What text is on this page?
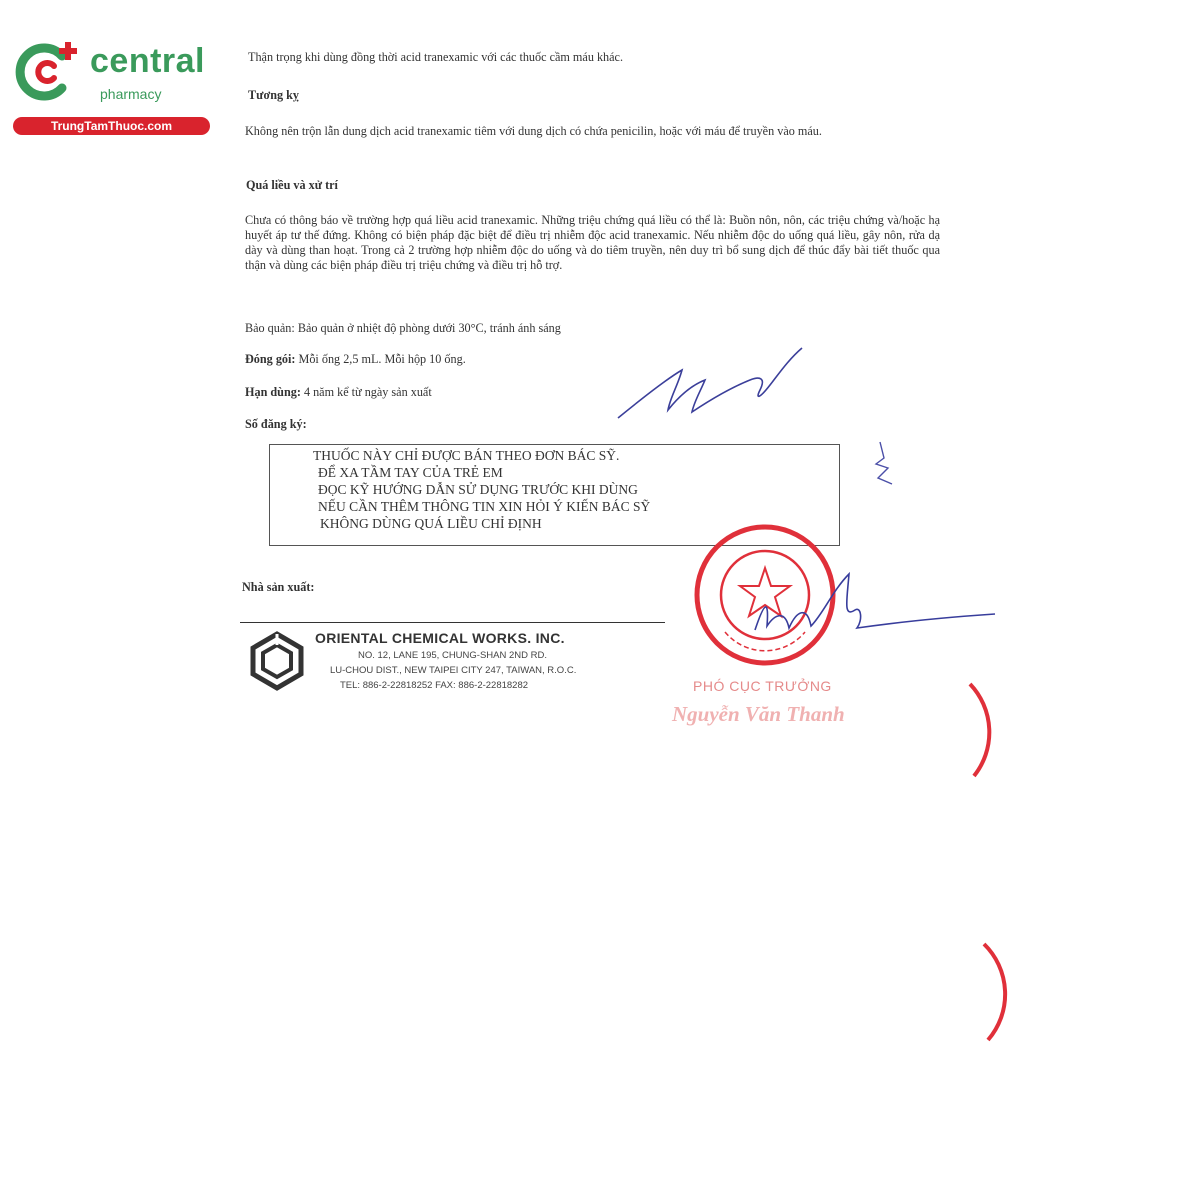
central
pharmacy
TrungTamThuoc.com
Thận trọng khi dùng đồng thời acid tranexamic với các thuốc cầm máu khác.
Tương kỵ
Không nên trộn lẫn dung dịch acid tranexamic tiêm với dung dịch có chứa penicilin, hoặc với máu để truyền vào máu.
Quá liều và xử trí
Chưa có thông báo về trường hợp quá liều acid tranexamic. Những triệu chứng quá liều có thể là: Buồn nôn, nôn, các triệu chứng và/hoặc hạ huyết áp tư thế đứng. Không có biện pháp đặc biệt để điều trị nhiễm độc acid tranexamic. Nếu nhiễm độc do uống quá liều, gây nôn, rửa dạ dày và dùng than hoạt. Trong cả 2 trường hợp nhiễm độc do uống và do tiêm truyền, nên duy trì bổ sung dịch để thúc đẩy bài tiết thuốc qua thận và dùng các biện pháp điều trị triệu chứng và điều trị hỗ trợ.
Bảo quản: Bảo quản ở nhiệt độ phòng dưới 30°C, tránh ánh sáng
Đóng gói: Mỗi ống 2,5 mL. Mỗi hộp 10 ống.
Hạn dùng: 4 năm kể từ ngày sản xuất
Số đăng ký:
THUỐC NÀY CHỈ ĐƯỢC BÁN THEO ĐƠN BÁC SỸ.
ĐỂ XA TẦM TAY CỦA TRẺ EM
ĐỌC KỸ HƯỚNG DẪN SỬ DỤNG TRƯỚC KHI DÙNG
NẾU CẦN THÊM THÔNG TIN XIN HỎI Ý KIẾN BÁC SỸ
KHÔNG DÙNG QUÁ LIỀU CHỈ ĐỊNH
Nhà sản xuất:
ORIENTAL CHEMICAL WORKS. INC.
NO. 12, LANE 195, CHUNG-SHAN 2ND RD.
LU-CHOU DIST., NEW TAIPEI CITY 247, TAIWAN, R.O.C.
TEL: 886-2-22818252 FAX: 886-2-22818282	PHÓ CỤC TRƯỞNG
Nguyễn Văn Thanh
